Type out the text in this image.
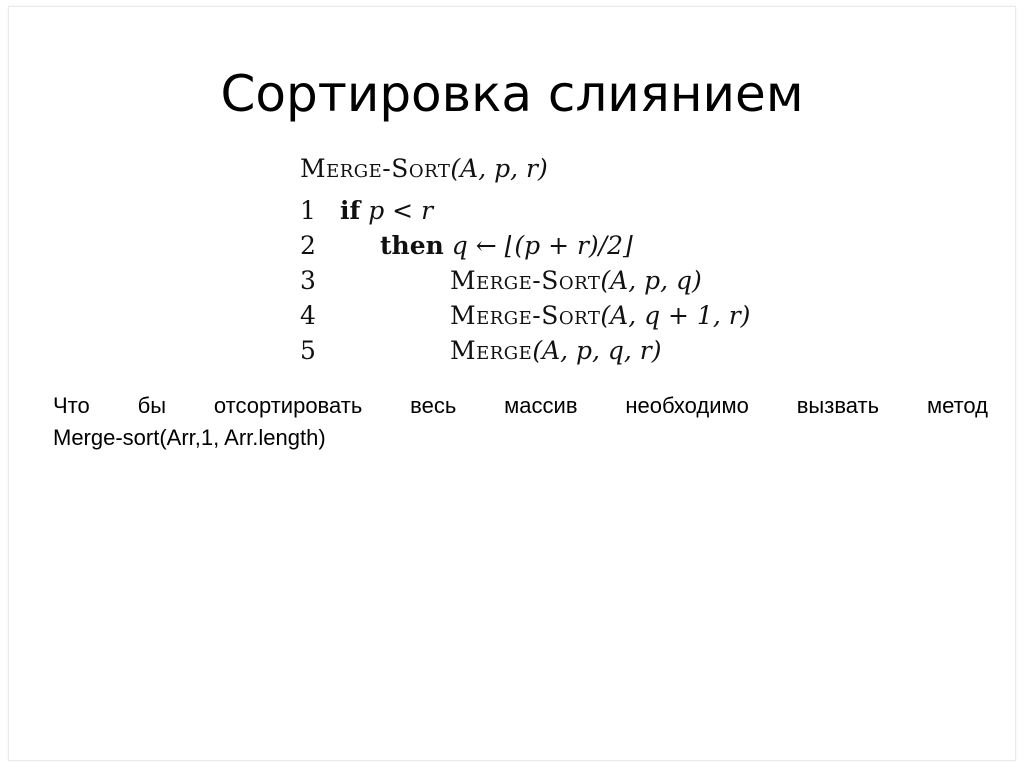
Сортировка слиянием
Merge-Sort(A, p, r)
1 if p < r
2	then q ← ⌊(p + r)/2⌋
3	Merge-Sort(A, p, q)
4	Merge-Sort(A, q + 1, r)
5	Merge(A, p, q, r)
Что бы отсортировать весь массив необходимо вызвать метод
Merge-sort(Arr,1, Arr.length)
